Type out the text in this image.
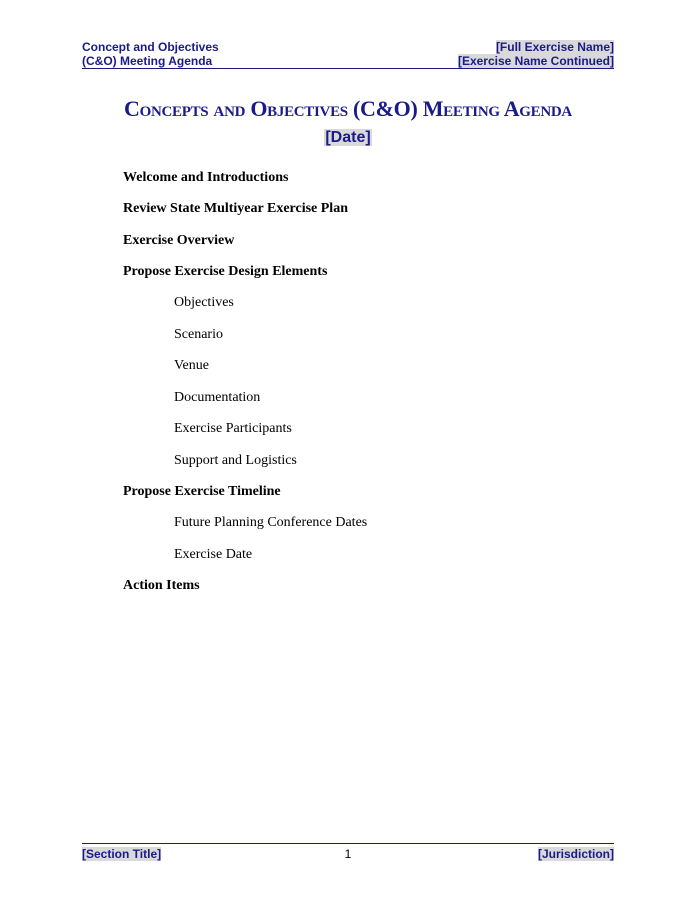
Concept and Objectives
(C&O) Meeting Agenda
[Full Exercise Name]
[Exercise Name Continued]
Concepts and Objectives (C&O) Meeting Agenda
[Date]
Welcome and Introductions
Review State Multiyear Exercise Plan
Exercise Overview
Propose Exercise Design Elements
Objectives
Scenario
Venue
Documentation
Exercise Participants
Support and Logistics
Propose Exercise Timeline
Future Planning Conference Dates
Exercise Date
Action Items
[Section Title]	1	[Jurisdiction]
